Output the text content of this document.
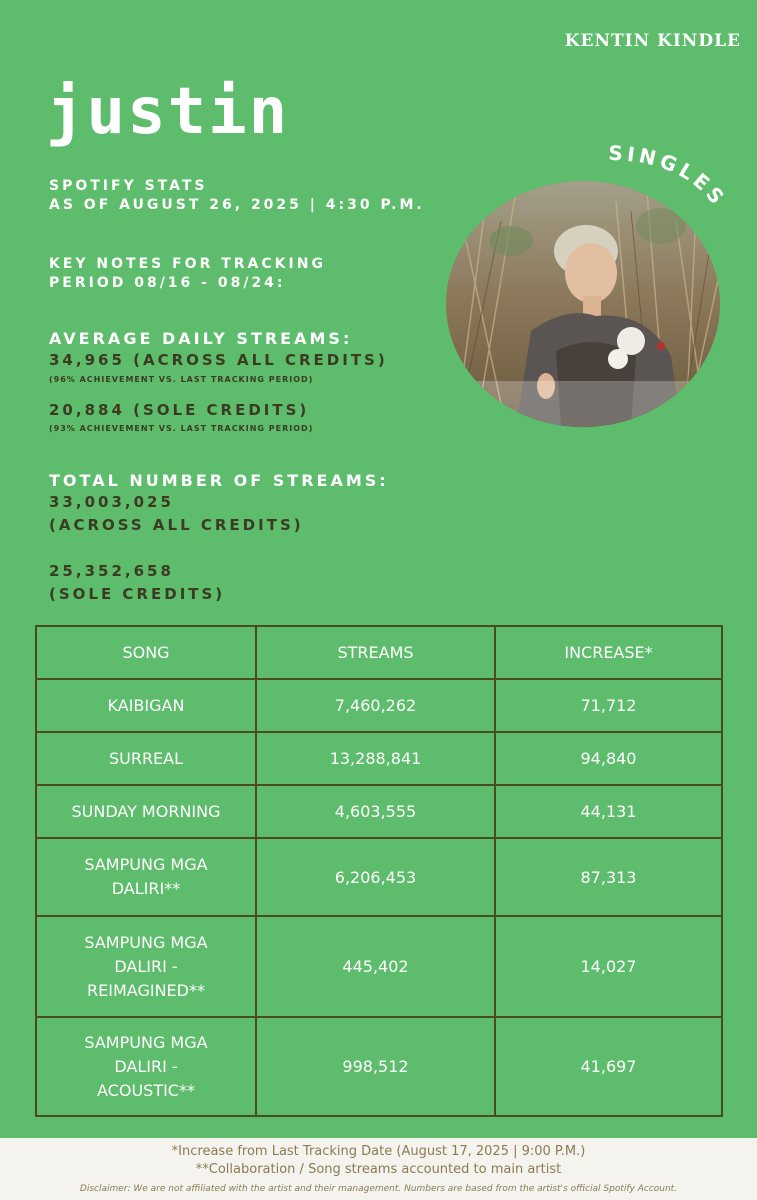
KENTIN KINDLE
justin
SPOTIFY STATS
AS OF AUGUST 26, 2025 | 4:30 P.M.
KEY NOTES FOR TRACKING
PERIOD 08/16 - 08/24:
AVERAGE DAILY STREAMS:
34,965 (ACROSS ALL CREDITS)
(96% ACHIEVEMENT VS. LAST TRACKING PERIOD)
20,884 (SOLE CREDITS)
(93% ACHIEVEMENT VS. LAST TRACKING PERIOD)
TOTAL NUMBER OF STREAMS:
33,003,025
(ACROSS ALL CREDITS)
25,352,658
(SOLE CREDITS)
SINGLES
SONG	STREAMS	INCREASE*
KAIBIGAN	7,460,262	71,712
SURREAL	13,288,841	94,840
SUNDAY MORNING	4,603,555	44,131
SAMPUNG MGA
DALIRI**	6,206,453	87,313
SAMPUNG MGA
DALIRI -
REIMAGINED**	445,402	14,027
SAMPUNG MGA
DALIRI -
ACOUSTIC**	998,512	41,697
*Increase from Last Tracking Date (August 17, 2025 | 9:00 P.M.)
**Collaboration / Song streams accounted to main artist
Disclaimer: We are not affiliated with the artist and their management. Numbers are based from the artist's official Spotify Account.
